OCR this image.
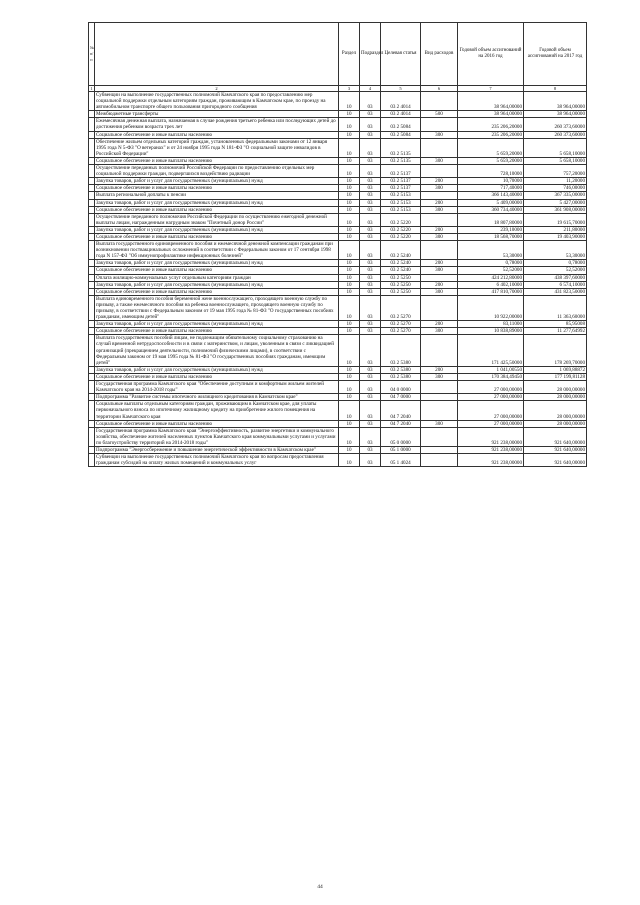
№ п/п		Раздел	Подраздел	Целевая статья	Вид расходов	Годовой объем ассигнований на 2016 год	Годовой объем ассигнований на 2017 год
1	2	3	4	5	6	7	8
	Субвенции на выполнение государственных полномочий Камчатского края по предоставлению мер социальной поддержки отдельным категориям граждан, проживающим в Камчатском крае, по проезду на автомобильном транспорте общего пользования пригородного сообщения	10	03	03 2 4014		38 964,00000	38 964,00000
	Межбюджетные трансферты	10	03	03 2 4014	500	38 964,00000	38 964,00000
	Ежемесячная денежная выплата, назначаемая в случае рождения третьего ребенка или последующих детей до достижения ребенком возраста трех лет	10	03	03 2 5084		235 206,20000	260 373,60000
	Социальное обеспечение и иные выплаты населению	10	03	03 2 5084	300	235 206,20000	260 373,60000
	Обеспечение жильем отдельных категорий граждан, установленных федеральными законами от 12 января 1995 года N 5-ФЗ "О ветеранах" и от 24 ноября 1995 года N 181-ФЗ "О социальной защите инвалидов в Российской Федерации"	10	03	03 2 5135		5 659,20000	5 658,10000
	Социальное обеспечение и иные выплаты населению	10	03	03 2 5135	300	5 659,20000	5 658,10000
	Осуществление переданных полномочий Российской Федерации по предоставлению отдельных мер социальной поддержки граждан, подвергшихся воздействию радиации	10	03	03 2 5137		728,10000	757,20000
	Закупка товаров, работ и услуг для государственных (муниципальных) нужд	10	03	03 2 5137	200	10,70000	11,20000
	Социальное обеспечение и иные выплаты населению	10	03	03 2 5137	300	717,40000	746,00000
	Выплата региональной доплаты к пенсии	10	03	03 2 5153		366 143,40000	367 335,00000
	Закупка товаров, работ и услуг для государственных (муниципальных) нужд	10	03	03 2 5153	200	5 409,00000	5 427,00000
	Социальное обеспечение и иные выплаты населению	10	03	03 2 5153	300	360 734,40000	361 908,00000
	Осуществление переданного полномочия Российской Федерации по осуществлению ежегодной денежной выплаты лицам, награжденным нагрудным знаком "Почетный донор России"	10	03	03 2 5220		18 807,80000	19 615,70000
	Закупка товаров, работ и услуг для государственных (муниципальных) нужд	10	03	03 2 5220	200	239,10000	211,80000
	Социальное обеспечение и иные выплаты населению	10	03	03 2 5220	300	18 568,70000	19 403,90000
	Выплата государственного единовременного пособия и ежемесячной денежной компенсации гражданам при возникновении поствакцинальных осложнений в соответствии с Федеральным законом от 17 сентября 1998 года N 157-ФЗ "Об иммунопрофилактике инфекционных болезней"	10	03	03 2 5240		53,30000	53,30000
	Закупка товаров, работ и услуг для государственных (муниципальных) нужд	10	03	03 2 5240	200	0,78000	0,78000
	Социальное обеспечение и иные выплаты населению	10	03	03 2 5240	300	52,52000	52,52000
	Оплата жилищно-коммунальных услуг отдельным категориям граждан	10	03	03 2 5250		424 212,80000	438 397,60000
	Закупка товаров, работ и услуг для государственных (муниципальных) нужд	10	03	03 2 5250	200	6 402,10000	6 574,10000
	Социальное обеспечение и иные выплаты населению	10	03	03 2 5250	300	417 810,70000	431 823,50000
	Выплата единовременного пособия беременной жене военнослужащего, проходящего военную службу по призыву, а также ежемесячного пособия на ребенка военнослужащего, проходящего военную службу по призыву, в соответствии с Федеральным законом от 19 мая 1995 года № 81-ФЗ "О государственных пособиях гражданам, имеющим детей"	10	03	03 2 5270		10 922,00000	11 363,60000
	Закупка товаров, работ и услуг для государственных (муниципальных) нужд	10	03	03 2 5270	200	83,11000	85,95008
	Социальное обеспечение и иные выплаты населению	10	03	03 2 5270	300	10 838,89000	11 277,64992
	Выплата государственных пособий лицам, не подлежащим обязательному социальному страхованию на случай временной нетрудоспособности и в связи с материнством, и лицам, уволенным в связи с ликвидацией организаций (прекращением деятельности, полномочий физическими лицами), в соответствии с Федеральным законом от 19 мая 1995 года № 81-ФЗ "О государственных пособиях гражданам, имеющим детей"	10	03	03 2 5380		171 425,50000	178 269,70000
	Закупка товаров, работ и услуг для государственных (муниципальных) нужд	10	03	03 2 5380	200	1 041,00550	1 069,88872
	Социальное обеспечение и иные выплаты населению	10	03	03 2 5380	300	170 384,49450	177 199,81128
	Государственная программа Камчатского края "Обеспечение доступным и комфортным жильем жителей Камчатского края на 2014-2018 годы"	10	03	04 0 0000		27 000,00000	28 000,00000
	Подпрограмма "Развитие системы ипотечного жилищного кредитования в Камчатском крае"	10	03	04 7 0000		27 000,00000	28 000,00000
	Социальные выплаты отдельным категориям граждан, проживающим в Камчатском крае, для уплаты первоначального взноса по ипотечному жилищному кредиту на приобретение жилого помещения на территории Камчатского края	10	03	04 7 2040		27 000,00000	28 000,00000
	Социальное обеспечение и иные выплаты населению	10	03	04 7 2040	300	27 000,00000	28 000,00000
	Государственная программа Камчатского края "Энергоэффективность, развитие энергетики и коммунального хозяйства, обеспечение жителей населенных пунктов Камчатского края коммунальными услугами и услугами по благоустройству территорий на 2014-2018 годы"	10	03	05 0 0000		921 238,00000	921 640,00000
	Подпрограмма "Энергосбережение и повышение энергетической эффективности в Камчатском крае"	10	03	05 1 0000		921 238,00000	921 640,00000
	Субвенции на выполнение государственных полномочий Камчатского края по вопросам предоставления гражданам субсидий на оплату жилых помещений и коммунальных услуг	10	03	05 1 4024		921 238,00000	921 640,00000
44
